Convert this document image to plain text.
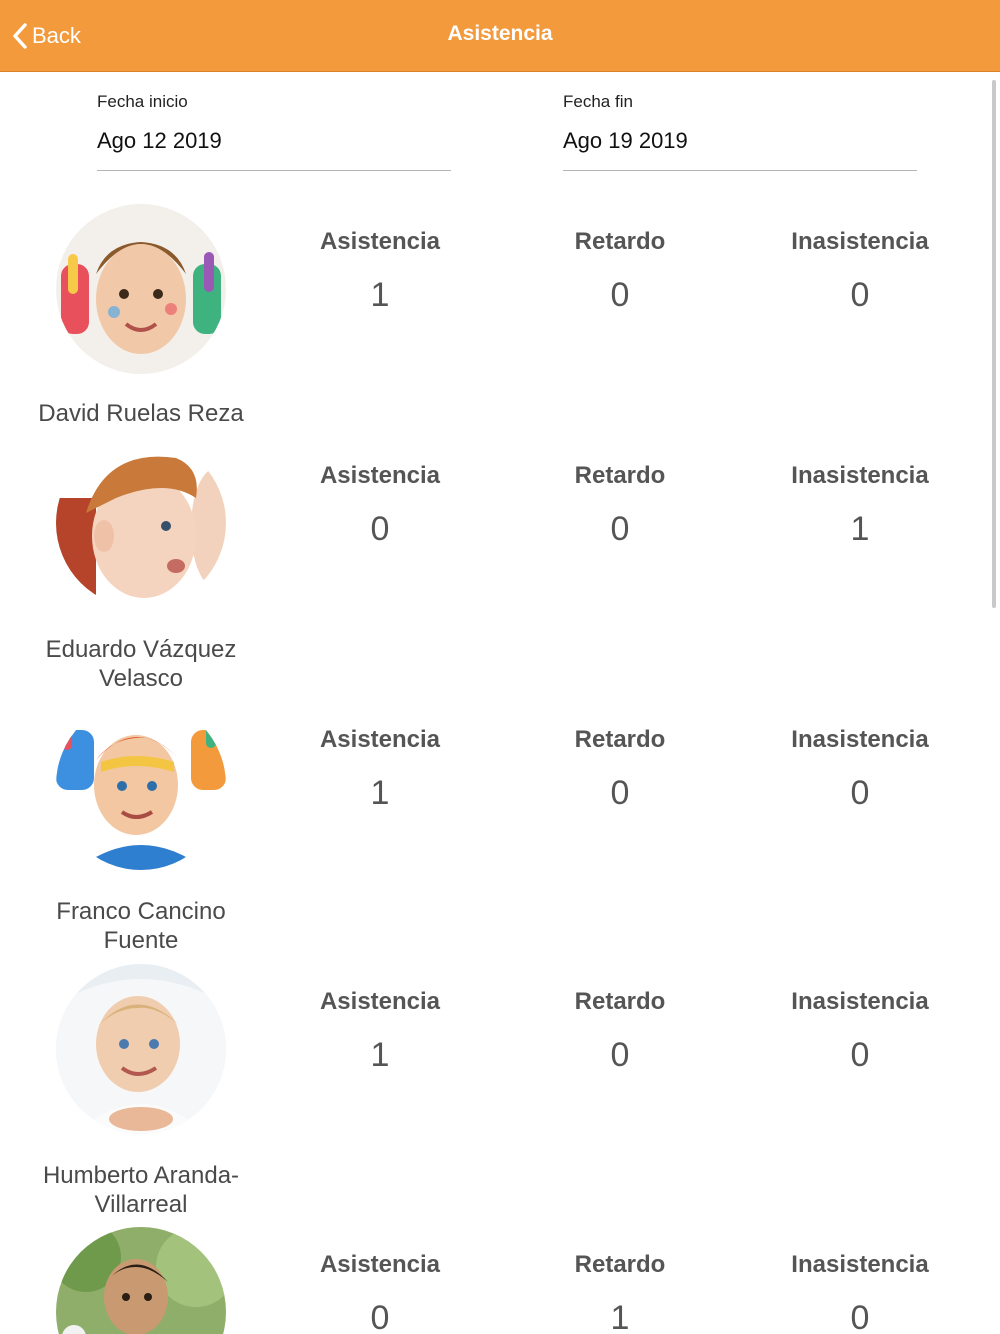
Back	Asistencia
Fecha inicio
Ago 12 2019
Fecha fin
Ago 19 2019
David Ruelas Reza
Asistencia
1
Retardo
0
Inasistencia
0
Eduardo Vázquez Velasco
Asistencia
0
Retardo
0
Inasistencia
1
Franco Cancino Fuente
Asistencia
1
Retardo
0
Inasistencia
0
Humberto Aranda-Villarreal
Asistencia
1
Retardo
0
Inasistencia
0
Asistencia
0
Retardo
1
Inasistencia
0
